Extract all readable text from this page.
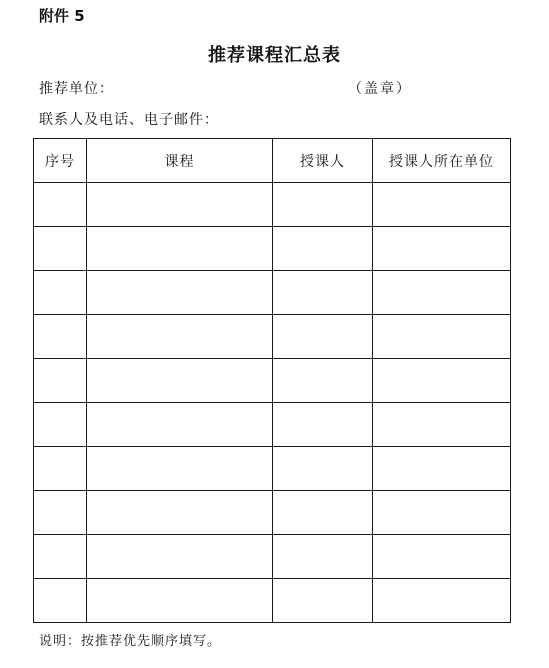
附件 5
推荐课程汇总表
推荐单位：	（盖章）
联系人及电话、电子邮件：
序号	课程	授课人	授课人所在单位

说明：按推荐优先顺序填写。
